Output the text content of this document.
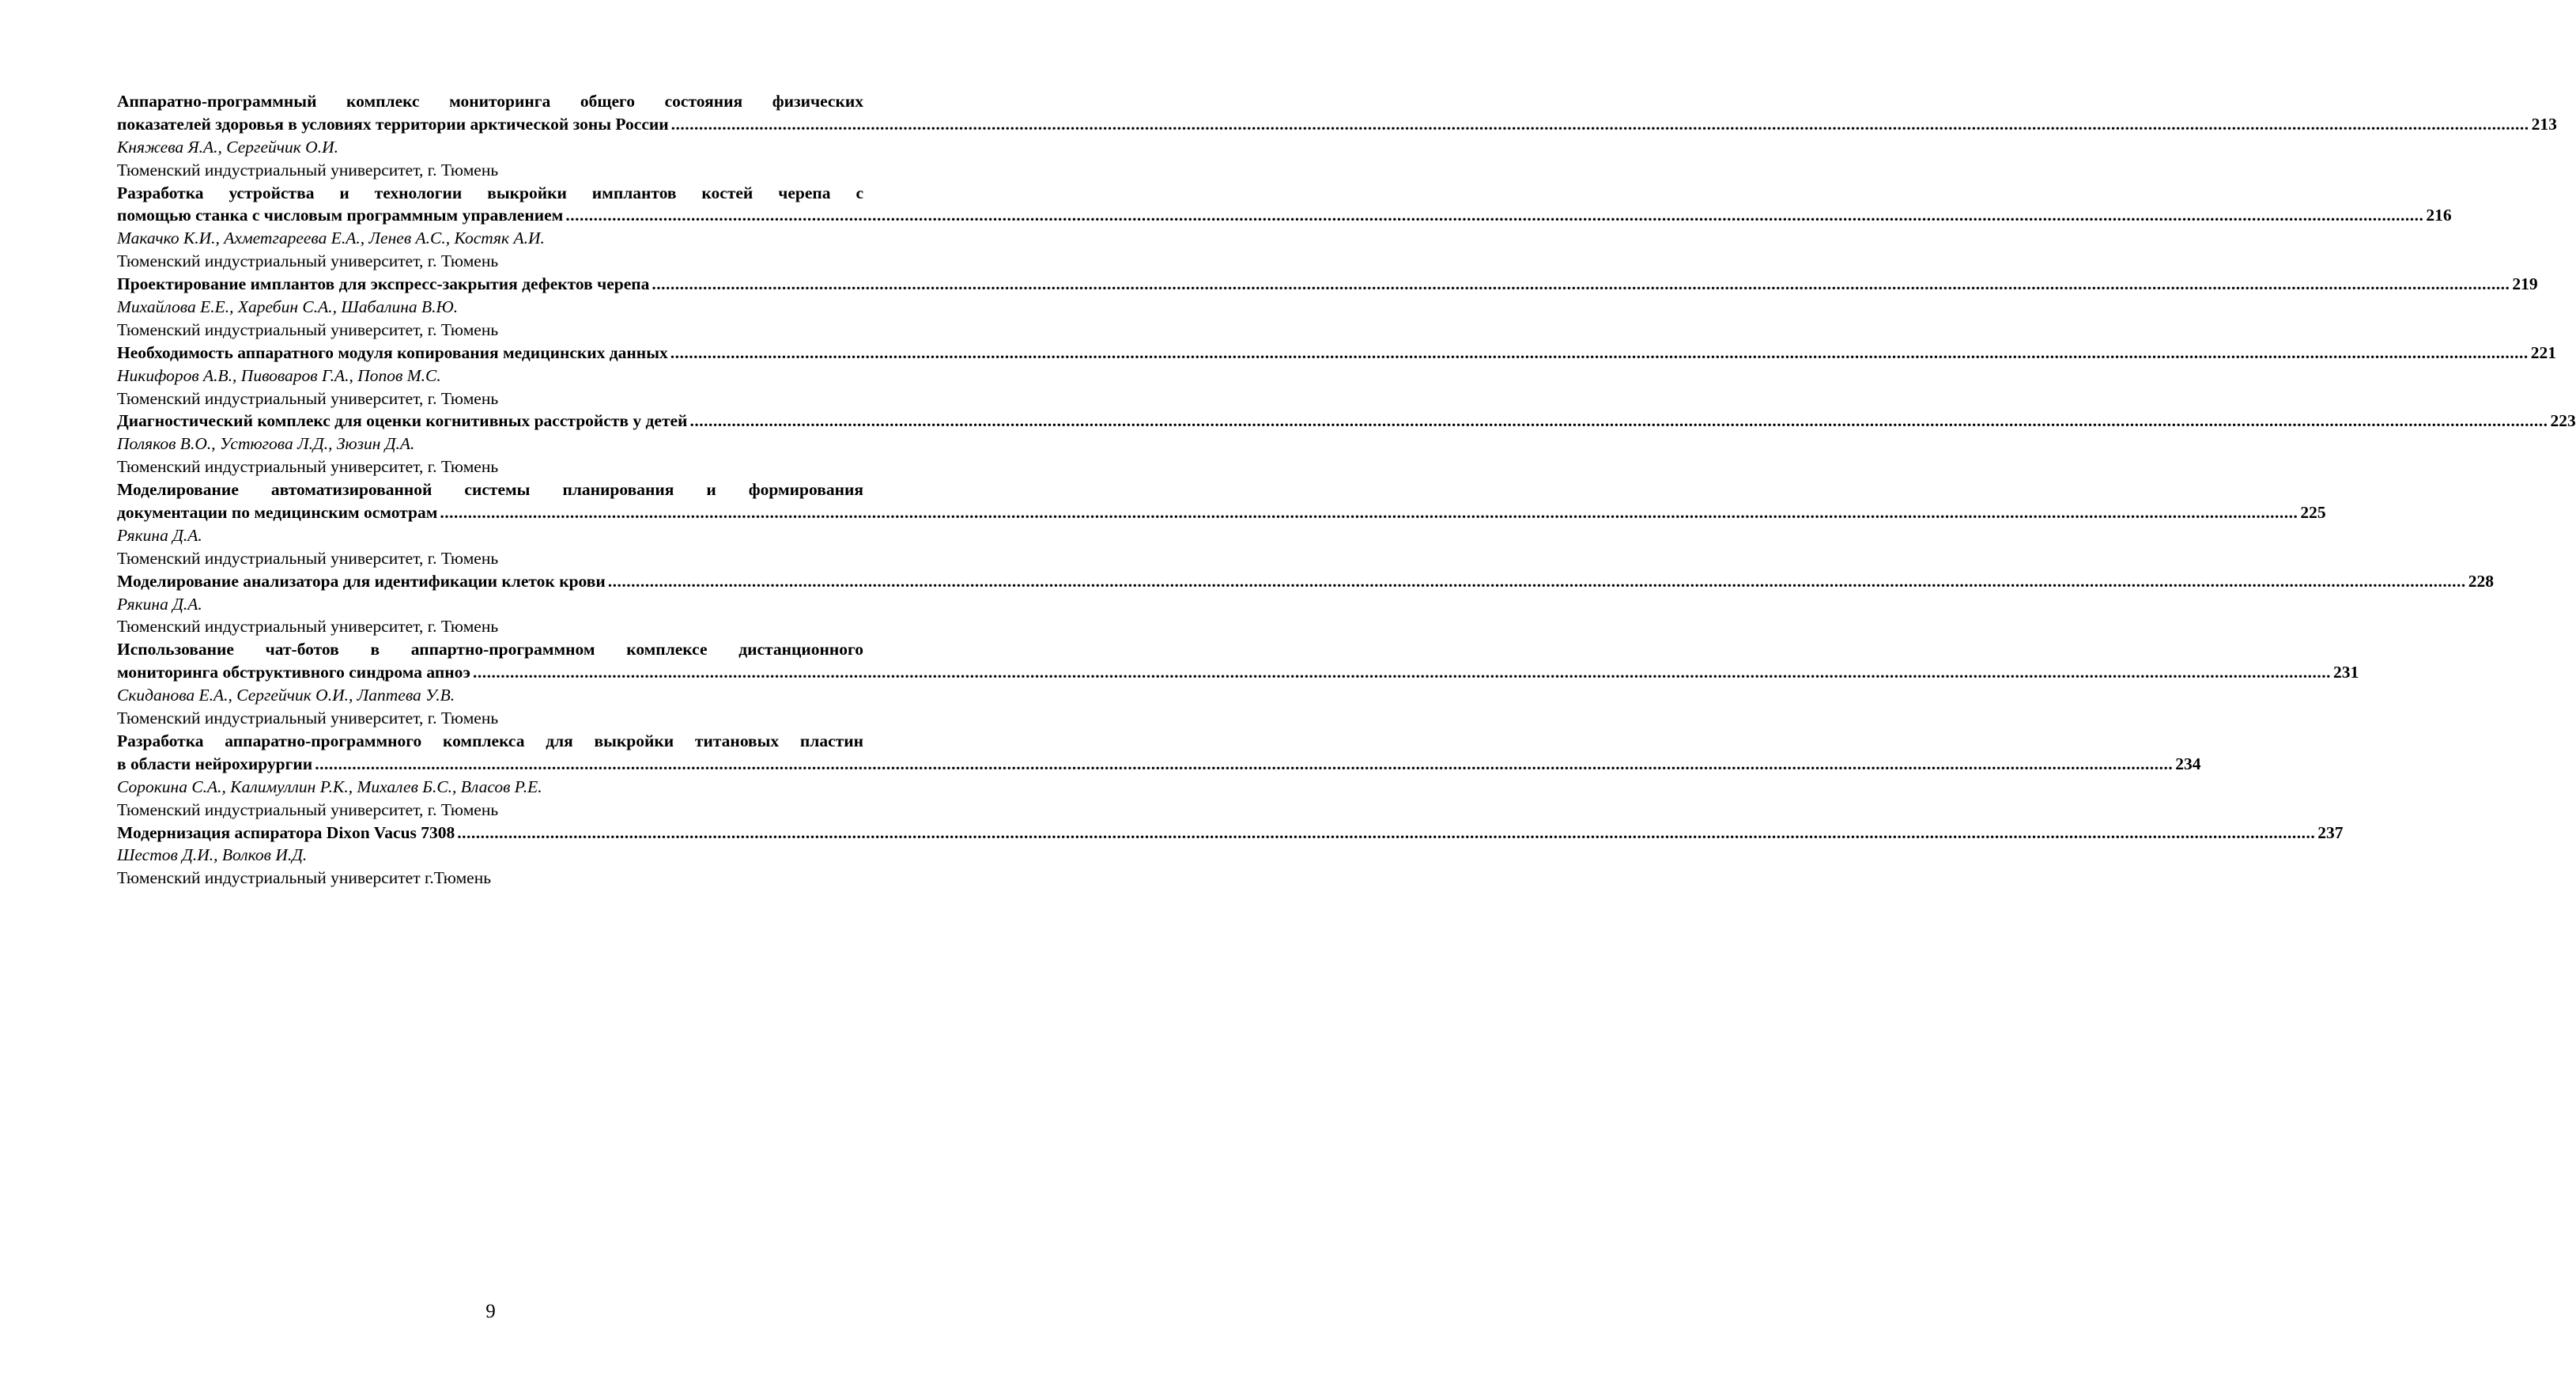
Аппаратно-программный комплекс мониторинга общего состояния физических
показателей здоровья в условиях территории арктической зоны России ................................................................................................................................................................................................................................................................................................................................................................................................................ 213
Княжева Я.А., Сергейчик О.И.
Тюменский индустриальный университет, г. Тюмень
Разработка устройства и технологии выкройки имплантов костей черепа с
помощью станка с числовым программным управлением ................................................................................................................................................................................................................................................................................................................................................................................................................ 216
Макачко К.И., Ахметгареева Е.А., Ленев А.С., Костяк А.И.
Тюменский индустриальный университет, г. Тюмень
Проектирование имплантов для экспресс-закрытия дефектов черепа ................................................................................................................................................................................................................................................................................................................................................................................................................ 219
Михайлова Е.Е., Харебин С.А., Шабалина В.Ю.
Тюменский индустриальный университет, г. Тюмень
Необходимость аппаратного модуля копирования медицинских данных ................................................................................................................................................................................................................................................................................................................................................................................................................ 221
Никифоров А.В., Пивоваров Г.А., Попов М.С.
Тюменский индустриальный университет, г. Тюмень
Диагностический комплекс для оценки когнитивных расстройств у детей ................................................................................................................................................................................................................................................................................................................................................................................................................ 223
Поляков В.О., Устюгова Л.Д., Зюзин Д.А.
Тюменский индустриальный университет, г. Тюмень
Моделирование автоматизированной системы планирования и формирования
документации по медицинским осмотрам ................................................................................................................................................................................................................................................................................................................................................................................................................ 225
Рякина Д.А.
Тюменский индустриальный университет, г. Тюмень
Моделирование анализатора для идентификации клеток крови ................................................................................................................................................................................................................................................................................................................................................................................................................ 228
Рякина Д.А.
Тюменский индустриальный университет, г. Тюмень
Использование чат-ботов в аппартно-программном комплексе дистанционного
мониторинга обструктивного синдрома апноэ ................................................................................................................................................................................................................................................................................................................................................................................................................ 231
Скиданова Е.А., Сергейчик О.И., Лаптева У.В.
Тюменский индустриальный университет, г. Тюмень
Разработка аппаратно-программного комплекса для выкройки титановых пластин
в области нейрохирургии ................................................................................................................................................................................................................................................................................................................................................................................................................ 234
Сорокина С.А., Калимуллин Р.К., Михалев Б.С., Власов Р.Е.
Тюменский индустриальный университет, г. Тюмень
Модернизация аспиратора Dixon Vacus 7308 ................................................................................................................................................................................................................................................................................................................................................................................................................ 237
Шестов Д.И., Волков И.Д.
Тюменский индустриальный университет г.Тюмень
9
